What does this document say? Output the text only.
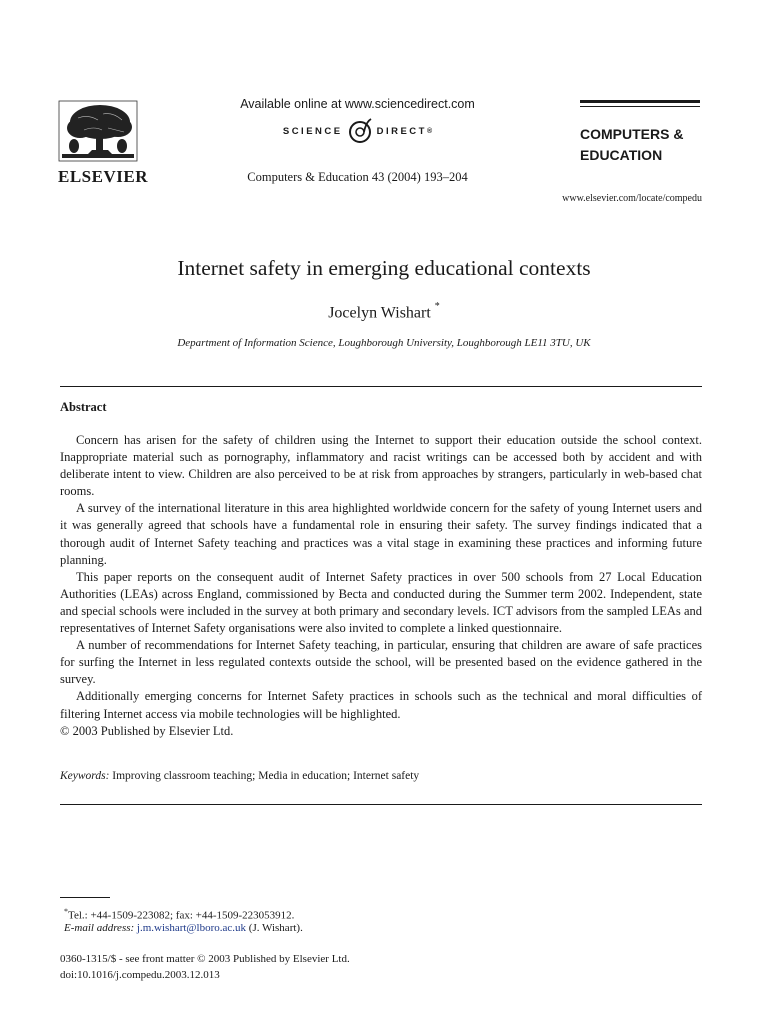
ELSEVIER
Available online at www.sciencedirect.com
SCIENCE	DIRECT ®
Computers & Education 43 (2004) 193–204
COMPUTERS &
EDUCATION
www.elsevier.com/locate/compedu
Internet safety in emerging educational contexts
Jocelyn Wishart *
Department of Information Science, Loughborough University, Loughborough LE11 3TU, UK
Abstract

Concern has arisen for the safety of children using the Internet to support their education outside the school context. Inappropriate material such as pornography, inflammatory and racist writings can be accessed both by accident and with deliberate intent to view. Children are also perceived to be at risk from approaches by strangers, particularly in web-based chat rooms.

A survey of the international literature in this area highlighted worldwide concern for the safety of young Internet users and it was generally agreed that schools have a fundamental role in ensuring their safety. The survey findings indicated that a thorough audit of Internet Safety teaching and practices was a vital stage in examining these practices and informing future planning.

This paper reports on the consequent audit of Internet Safety practices in over 500 schools from 27 Local Education Authorities (LEAs) across England, commissioned by Becta and conducted during the Summer term 2002. Independent, state and special schools were included in the survey at both primary and secondary levels. ICT advisors from the sampled LEAs and representatives of Internet Safety organisations were also invited to complete a linked questionnaire.

A number of recommendations for Internet Safety teaching, in particular, ensuring that children are aware of safe practices for surfing the Internet in less regulated contexts outside the school, will be presented based on the evidence gathered in the survey.

Additionally emerging concerns for Internet Safety practices in schools such as the technical and moral difficulties of filtering Internet access via mobile technologies will be highlighted.

© 2003 Published by Elsevier Ltd.

Keywords: Improving classroom teaching; Media in education; Internet safety
*Tel.: +44-1509-223082; fax: +44-1509-223053912.
E-mail address: j.m.wishart@lboro.ac.uk (J. Wishart).
0360-1315/$ - see front matter © 2003 Published by Elsevier Ltd.
doi:10.1016/j.compedu.2003.12.013
